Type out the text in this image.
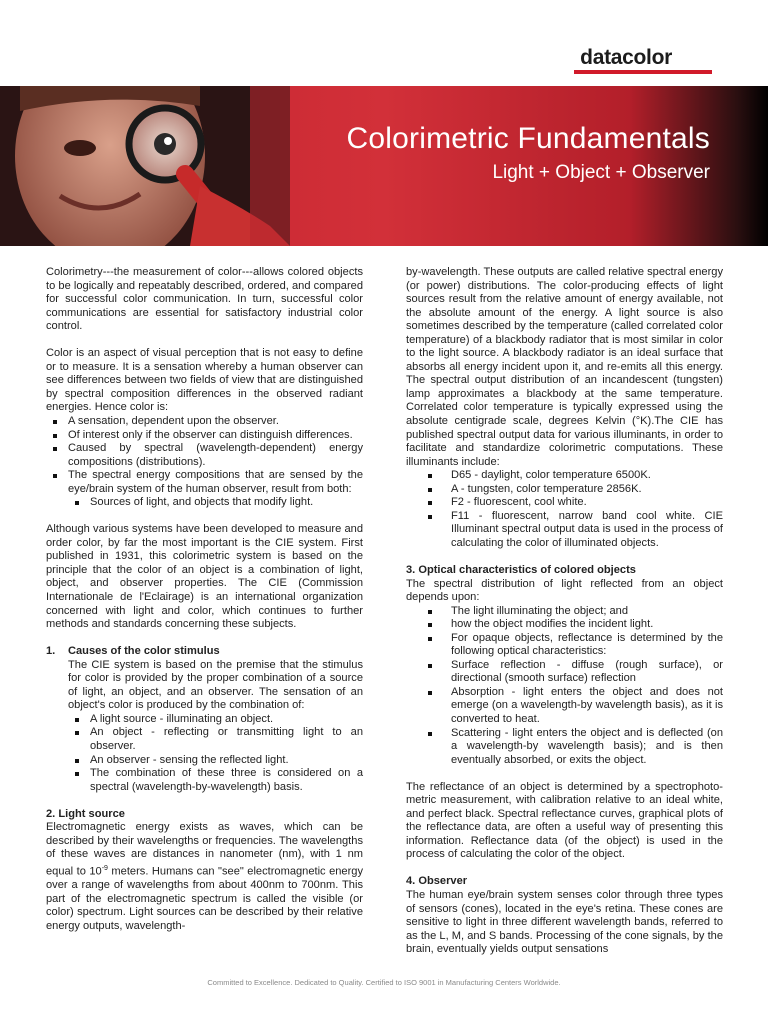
datacolor
Colorimetric Fundamentals
Light + Object + Observer

Colorimetry---the measurement of color---allows colored objects to be logically and repeatably described, ordered, and compared for successful color communication. In turn, successful color communications are essential for satisfactory industrial color control.

Color is an aspect of visual perception that is not easy to define or to measure. It is a sensation whereby a human observer can see differences between two fields of view that are distinguished by spectral composition differences in the observed radiant energies. Hence color is:

A sensation, dependent upon the observer.
Of interest only if the observer can distinguish differences.
Caused by spectral (wavelength-dependent) energy compositions (distributions).
The spectral energy compositions that are sensed by the eye/brain system of the human observer, result from both:
Sources of light, and objects that modify light.

Although various systems have been developed to measure and order color, by far the most important is the CIE system. First published in 1931, this colorimetric system is based on the principle that the color of an object is a combination of light, object, and observer properties. The CIE (Commission Internationale de l'Eclairage) is an international organization concerned with light and color, which continues to further methods and standards concerning these subjects.

1.	Causes of the color stimulus

The CIE system is based on the premise that the stimulus for color is provided by the proper combination of a source of light, an object, and an observer. The sensation of an object's color is produced by the combination of:

A light source - illuminating an object.
An object - reflecting or transmitting light to an observer.
An observer - sensing the reflected light.
The combination of these three is considered on a spectral (wavelength-by-wavelength) basis.
2. Light source

Electromagnetic energy exists as waves, which can be described by their wavelengths or frequencies. The wavelengths of these waves are distances in nanometer (nm), with 1 nm equal to $10^{-9}$ meters. Humans can "see" electromagnetic energy over a range of wavelengths from about 400nm to 700nm. This part of the electromagnetic spectrum is called the visible (or color) spectrum. Light sources can be described by their relative energy outputs, wavelength-

by-wavelength. These outputs are called relative spectral energy (or power) distributions. The color-producing effects of light sources result from the relative amount of energy available, not the absolute amount of the energy. A light source is also sometimes described by the temperature (called correlated color temperature) of a blackbody radiator that is most similar in color to the light source. A blackbody radiator is an ideal surface that absorbs all energy incident upon it, and re-emits all this energy. The spectral output distribution of an incandescent (tungsten) lamp approximates a blackbody at the same temperature. Correlated color temperature is typically expressed using the absolute centigrade scale, degrees Kelvin (°K).The CIE has published spectral output data for various illuminants, in order to facilitate and standardize colorimetric computations. These illuminants include:

D65 - daylight, color temperature 6500K.
A - tungsten, color temperature 2856K.
F2 - fluorescent, cool white.
F11 - fluorescent, narrow band cool white. CIE Illuminant spectral output data is used in the process of calculating the color of illuminated objects.
3. Optical characteristics of colored objects

The spectral distribution of light reflected from an object depends upon:

The light illuminating the object; and
how the object modifies the incident light.
For opaque objects, reflectance is determined by the following optical characteristics:
Surface reflection - diffuse (rough surface), or directional (smooth surface) reflection
Absorption - light enters the object and does not emerge (on a wavelength-by wavelength basis), as it is converted to heat.
Scattering - light enters the object and is deflected (on a wavelength-by wavelength basis); and is then eventually absorbed, or exits the object.

The reflectance of an object is determined by a spectrophoto-metric measurement, with calibration relative to an ideal white, and perfect black. Spectral reflectance curves, graphical plots of the reflectance data, are often a useful way of presenting this information. Reflectance data (of the object) is used in the process of calculating the color of the object.

4. Observer

The human eye/brain system senses color through three types of sensors (cones), located in the eye's retina. These cones are sensitive to light in three different wavelength bands, referred to as the L, M, and S bands. Processing of the cone signals, by the brain, eventually yields output sensations

Committed to Excellence. Dedicated to Quality. Certified to ISO 9001 in Manufacturing Centers Worldwide.
